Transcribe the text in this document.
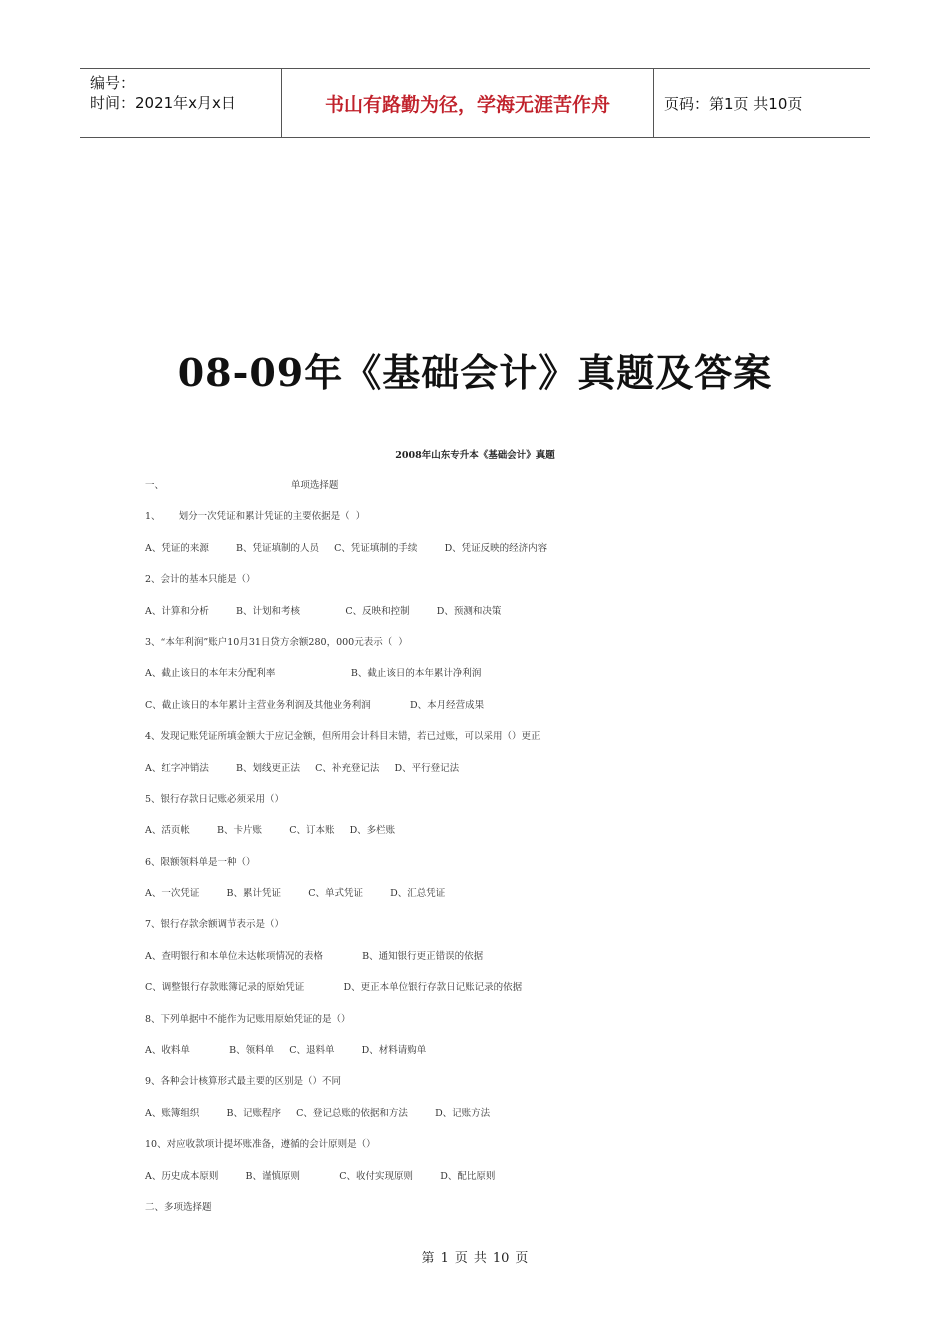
编号：
时间：2021年x月x日	书山有路勤为径，学海无涯苦作舟	页码：第1页 共10页
08-09年《基础会计》真题及答案
2008年山东专升本《基础会计》真题
一、                                          单项选择题
1、      划分一次凭证和累计凭证的主要依据是（  ）
A、凭证的来源         B、凭证填制的人员     C、凭证填制的手续         D、凭证反映的经济内容
2、会计的基本只能是（）
A、计算和分析         B、计划和考核               C、反映和控制         D、预测和决策
3、“本年利润”账户10月31日贷方余额280，000元表示（  ）
A、截止该日的本年末分配利率                         B、截止该日的本年累计净利润
C、截止该日的本年累计主营业务利润及其他业务利润             D、本月经营成果
4、发现记账凭证所填金额大于应记金额，但所用会计科目末错，若已过账，可以采用（）更正
A、红字冲销法         B、划线更正法     C、补充登记法     D、平行登记法
5、银行存款日记账必须采用（）
A、活页帐         B、卡片账         C、订本账     D、多栏账
6、限额领料单是一种（）
A、一次凭证         B、累计凭证         C、单式凭证         D、汇总凭证
7、银行存款余额调节表示是（）
A、查明银行和本单位未达帐项情况的表格             B、通知银行更正错误的依据
C、调整银行存款账簿记录的原始凭证             D、更正本单位银行存款日记账记录的依据
8、下列单据中不能作为记账用原始凭证的是（）
A、收料单             B、领料单     C、退料单         D、材料请购单
9、各种会计核算形式最主要的区别是（）不同
A、账簿组织         B、记账程序     C、登记总账的依据和方法         D、记账方法
10、对应收款项计提坏账准备，遵循的会计原则是（）
A、历史成本原则         B、谨慎原则             C、收付实现原则         D、配比原则
二、多项选择题
第 1 页 共 10 页
